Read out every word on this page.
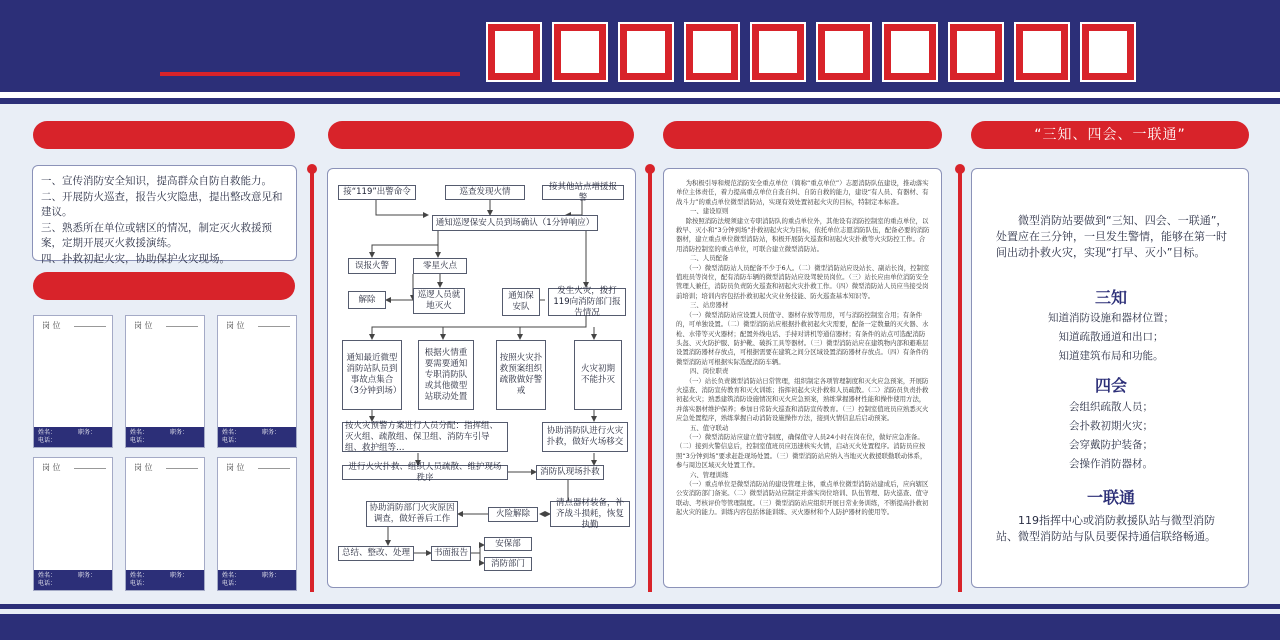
一、宣传消防安全知识，提高群众自防自救能力。

二、开展防火巡查，报告火灾隐患，提出整改意见和建议。

三、熟悉所在单位或辖区的情况，制定灭火救援预案，定期开展灭火救援演练。

四、扑救初起火灾，协助保护火灾现场。

岗 位
姓名：	职务：

电话：
岗 位
姓名：	职务：

电话：
岗 位
姓名：	职务：

电话：
岗 位
姓名：	职务：

电话：
岗 位
姓名：	职务：

电话：
岗 位
姓名：	职务：

电话：
接“119”出警命令	巡查发现火情
接其他站点增援报警
通知巡逻保安人员到场确认（1分钟响应）
误报火警	零星火点
解除	巡逻人员就地灭火
通知保安队
发生火灾，拨打119向消防部门报告情况
通知最近微型消防站队员到事故点集合（3分钟到场）
根据火情重要需要通知专职消防队或其他微型站联动处置
按照火灾扑救预案组织疏散做好警戒
火灾初期不能扑灭
按火灾预警方案进行人员分配：指挥组、灭火组、疏散组、保卫组、消防车引导组、救护组等…
协助消防队进行火灾扑救，做好火场移交
进行火灾扑救、组织人员疏散、维护现场秩序
消防队现场扑救
协助消防部门火灾原因调查，做好善后工作	火险解除
清点器材装备，补齐战斗损耗，恢复执勤
总结、整改、处理	书面报告
安保部
消防部门

为积极引导和规范消防安全重点单位（简称“重点单位”）志愿消防队伍建设，推动落实单位主体责任，着力提高重点单位自查自纠、自防自救的能力，建设“有人员、有器材、有战斗力”的重点单位微型消防站，实现有效处置初起火灾的目标，特制定本标准。

一、建设原则

除按照消防法规须建立专职消防队的重点单位外，其他设有消防控制室的重点单位，以救早、灭小和“3分钟到场”扑救初起火灾为目标，依托单位志愿消防队伍，配备必要的消防器材，建立重点单位微型消防站，积极开展防火巡查和初起火灾扑救等火灾防控工作。合用消防控制室的重点单位，可联合建立微型消防站。

二、人员配备

（一）微型消防站人员配备不少于6人。（二）微型消防站应设站长、副站长岗，控制室值班员等岗位，配有消防车辆的微型消防站应设驾驶员岗位。（三）站长应由单位消防安全管理人兼任，消防员负责防火巡查和初起火灾扑救工作。（四）微型消防站人员应当接受岗前培训；培训内容包括扑救初起火灾业务技能、防火巡查基本知识等。

三、站房器材

（一）微型消防站应设置人员值守、器材存放等用房，可与消防控制室合用；有条件的，可单独设置。（二）微型消防站应根据扑救初起火灾需要，配备一定数量的灭火器、水枪、水带等灭火器材；配置外线电话、手持对讲机等通信器材；有条件的站点可选配消防头盔、灭火防护服、防护靴、破拆工具等器材。（三）微型消防站应在建筑物内部和避难层设置消防器材存放点，可根据需要在建筑之间分区域设置消防器材存放点。（四）有条件的微型消防站可根据实际选配消防车辆。

四、岗位职责

（一）站长负责微型消防站日常管理，组织制定各项管理制度和灭火应急预案，开展防火巡查、消防宣传教育和灭火训练；指挥初起火灾扑救和人员疏散。（二）消防员负责扑救初起火灾；熟悉建筑消防设施情况和灭火应急预案，熟练掌握器材性能和操作使用方法，并落实器材维护保养；参加日常防火巡查和消防宣传教育。（三）控制室值班员应熟悉灭火应急处置程序，熟练掌握自动消防设施操作方法，接到火情信息后启动预案。

五、值守联动

（一）微型消防站应建立值守制度，确保值守人员24小时在岗在位，做好应急准备。（二）接到火警信息后，控制室值班员应迅速核实火情，启动灭火处置程序。消防员应按照“3分钟到场”要求赶赴现场处置。（三）微型消防站应纳入当地灭火救援联勤联动体系，参与周边区域灭火处置工作。

六、管理训练

（一）重点单位是微型消防站的建设管理主体，重点单位微型消防站建成后，应向辖区公安消防部门备案。（二）微型消防站应制定并落实岗位培训、队伍管理、防火巡查、值守联动、考核评价等管理制度。（三）微型消防站应组织开展日常业务训练，不断提高扑救初起火灾的能力。训练内容包括体能训练、灭火器材和个人防护器材的使用等。

“三知、四会、一联通”
微型消防站要做到“三知、四会、一联通”，处置应在三分钟，一旦发生警情，能够在第一时间出动扑救火灾，实现“打早、灭小”目标。
三知
知道消防设施和器材位置；
知道疏散通道和出口；
知道建筑布局和功能。
四会
会组织疏散人员；
会扑救初期火灾；
会穿戴防护装备；
会操作消防器材。
一联通
119指挥中心或消防救援队站与微型消防站、微型消防站与队员要保持通信联络畅通。
